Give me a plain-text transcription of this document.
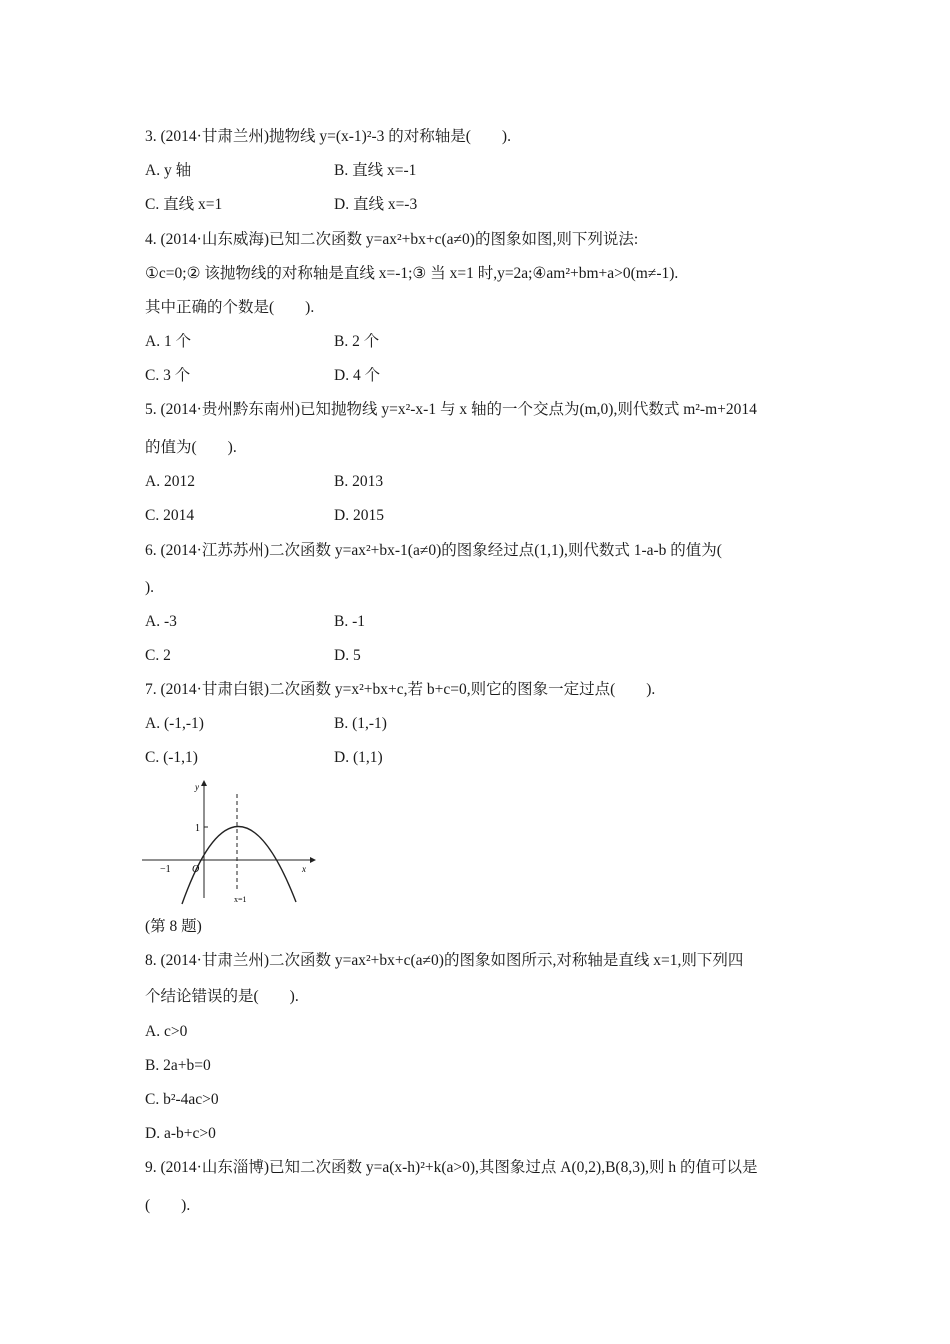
3. (2014·甘肃兰州)抛物线 y=(x-1)²-3 的对称轴是(　　).
A. y 轴	B. 直线 x=-1
C. 直线 x=1	D. 直线 x=-3
4. (2014·山东威海)已知二次函数 y=ax²+bx+c(a≠0)的图象如图,则下列说法:
①c=0;② 该抛物线的对称轴是直线 x=-1;③ 当 x=1 时,y=2a;④am²+bm+a>0(m≠-1).
其中正确的个数是(　　).
A. 1 个	B. 2 个
C. 3 个	D. 4 个
5. (2014·贵州黔东南州)已知抛物线 y=x²-x-1 与 x 轴的一个交点为(m,0),则代数式 m²-m+2014
的值为(　　).
A. 2012	B. 2013
C. 2014	D. 2015
6. (2014·江苏苏州)二次函数 y=ax²+bx-1(a≠0)的图象经过点(1,1),则代数式 1-a-b 的值为(
).
A. -3	B. -1
C. 2	D. 5
7. (2014·甘肃白银)二次函数 y=x²+bx+c,若 b+c=0,则它的图象一定过点(　　).
A. (-1,-1)	B. (1,-1)
C. (-1,1)	D. (1,1)
y
x
1
−1 O
x=1
(第 8 题)
8. (2014·甘肃兰州)二次函数 y=ax²+bx+c(a≠0)的图象如图所示,对称轴是直线 x=1,则下列四
个结论错误的是(　　).
A. c>0
B. 2a+b=0
C. b²-4ac>0
D. a-b+c>0
9. (2014·山东淄博)已知二次函数 y=a(x-h)²+k(a>0),其图象过点 A(0,2),B(8,3),则 h 的值可以是
(　　).
